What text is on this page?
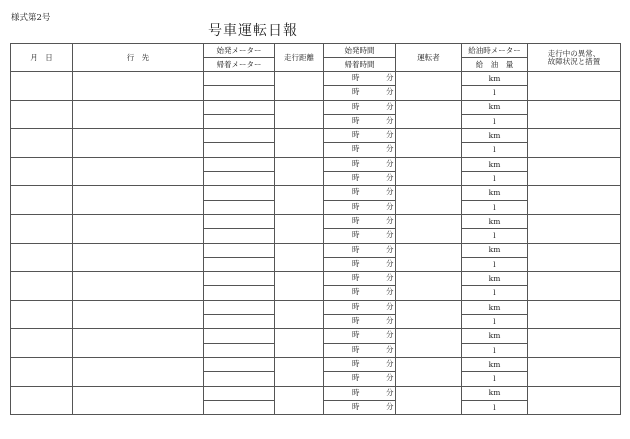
様式第2号
号車運転日報
月　日	行　先	始発メーター	走行距離	始発時間	運転者	給油時メーター	走行中の異常、
故障状況と措置
		帰着メーター		帰着時間		給　油　量	

				時 分		km	

				時 分		l	

				時 分		km	

				時 分		l	

				時 分		km	

				時 分		l	

				時 分		km	

				時 分		l	

				時 分		km	

				時 分		l	

				時 分		km	

				時 分		l	

				時 分		km	

				時 分		l	

				時 分		km	

				時 分		l	

				時 分		km	

				時 分		l	

				時 分		km	

				時 分		l	

				時 分		km	

				時 分		l	

				時 分		km	

				時 分		l	
